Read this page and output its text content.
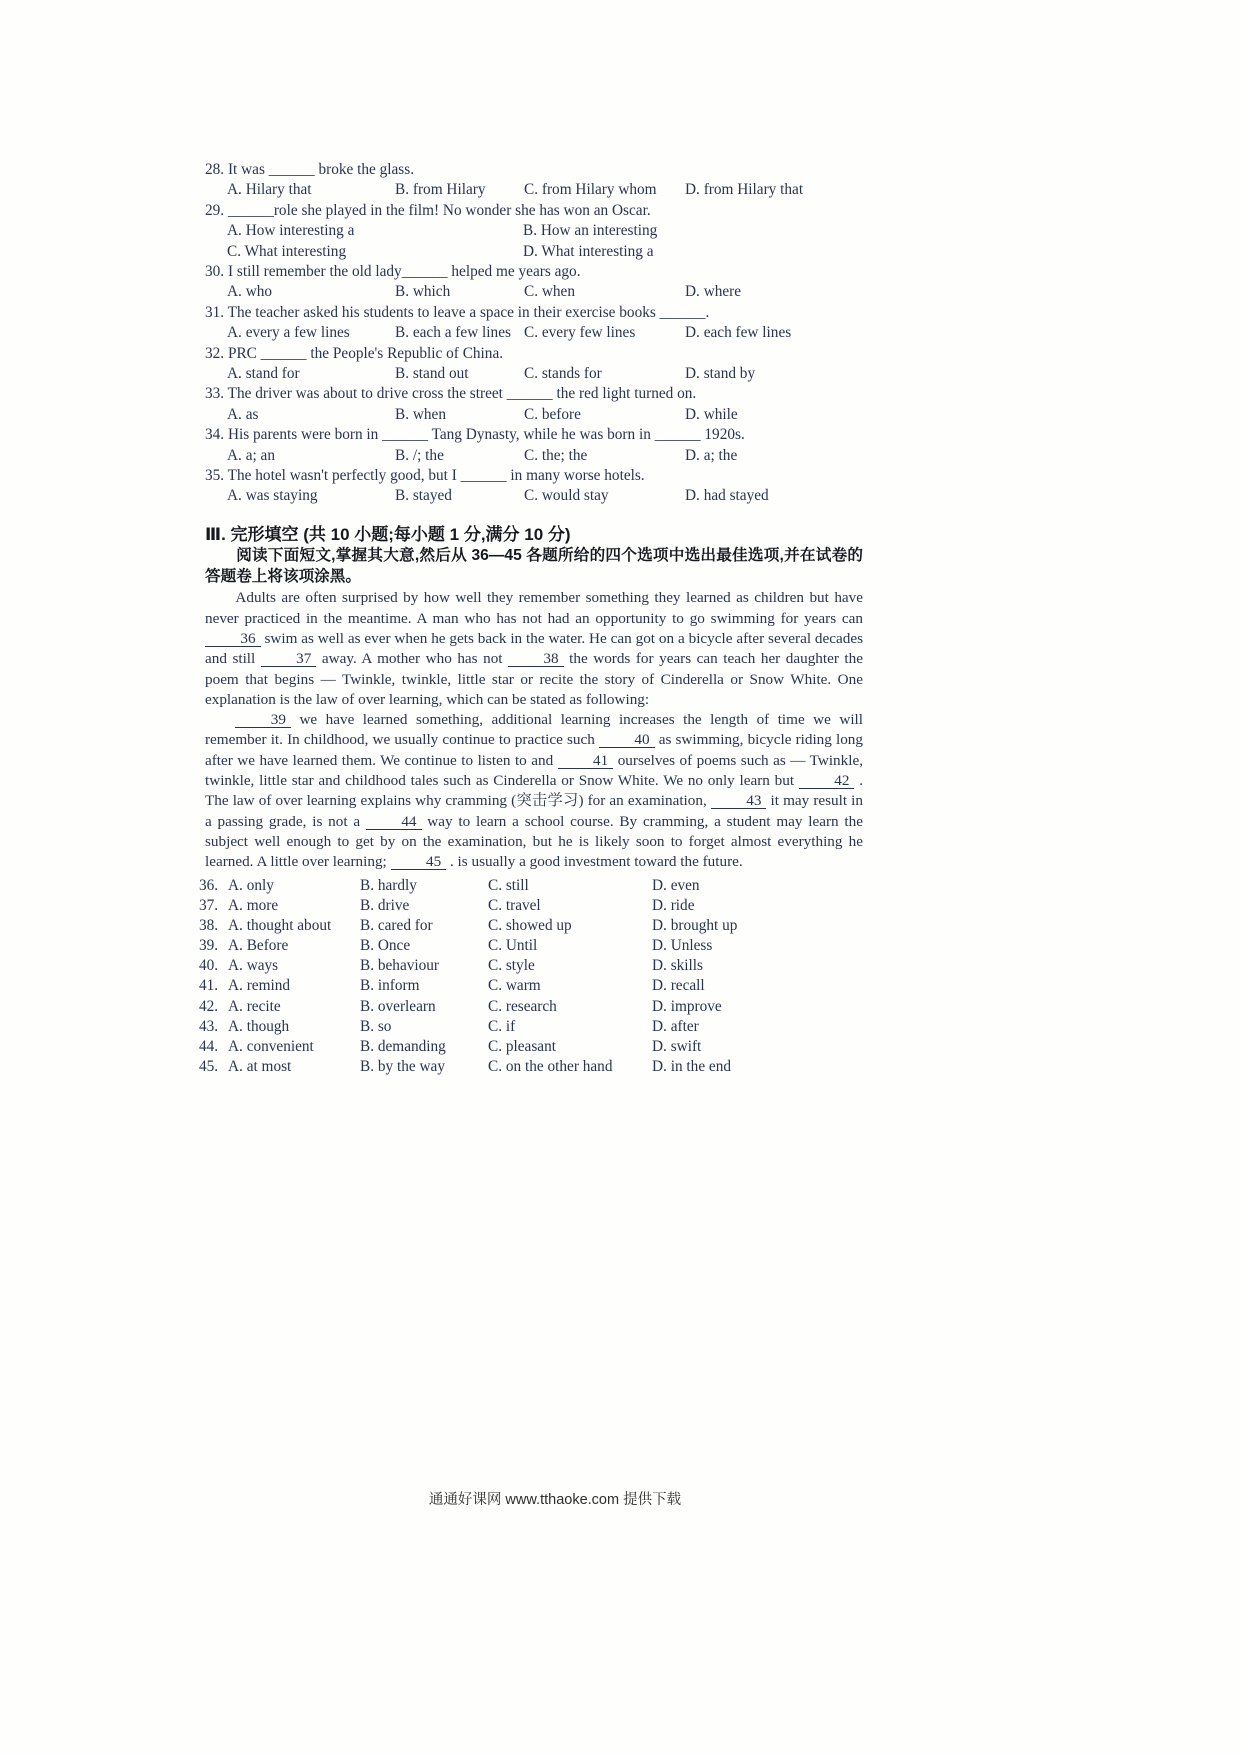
28. It was ______ broke the glass.
A. Hilary that	B. from Hilary	C. from Hilary whom D. from Hilary that
29. ______role she played in the film! No wonder she has won an Oscar.
A. How interesting a	B. How an interesting
C. What interesting	D. What interesting a
30. I still remember the old lady______ helped me years ago.
A. who	B. which	C. when	D. where
31. The teacher asked his students to leave a space in their exercise books ______.
A. every a few lines	B. each a few lines C. every few lines	D. each few lines
32. PRC ______ the People's Republic of China.
A. stand for	B. stand out	C. stands for	D. stand by
33. The driver was about to drive cross the street ______ the red light turned on.
A. as	B. when	C. before	D. while
34. His parents were born in ______ Tang Dynasty, while he was born in ______ 1920s.
A. a; an	B. /; the	C. the; the	D. a; the
35. The hotel wasn't perfectly good, but I ______ in many worse hotels.
A. was staying	B. stayed	C. would stay	D. had stayed
Ⅲ. 完形填空 (共 10 小题;每小题 1 分,满分 10 分)
阅读下面短文,掌握其大意,然后从 36—45 各题所给的四个选项中选出最佳选项,并在试卷的答题卷上将该项涂黑。

Adults are often surprised by how well they remember something they learned as children but have never practiced in the meantime. A man who has not had an opportunity to go swimming for years can 36 swim as well as ever when he gets back in the water. He can got on a bicycle after several decades and still 37 away. A mother who has not 38 the words for years can teach her daughter the poem that begins — Twinkle, twinkle, little star or recite the story of Cinderella or Snow White. One explanation is the law of over learning, which can be stated as following:

39 we have learned something, additional learning increases the length of time we will remember it. In childhood, we usually continue to practice such 40 as swimming, bicycle riding long after we have learned them. We continue to listen to and 41 ourselves of poems such as — Twinkle, twinkle, little star and childhood tales such as Cinderella or Snow White. We no only learn but 42 . The law of over learning explains why cramming (突击学习) for an examination, 43 it may result in a passing grade, is not a 44 way to learn a school course. By cramming, a student may learn the subject well enough to get by on the examination, but he is likely soon to forget almost everything he learned. A little over learning; 45 . is usually a good investment toward the future.

36. A. only	B. hardly	C. still	D. even
37. A. more	B. drive	C. travel	D. ride
38. A. thought about B. cared for	C. showed up	D. brought up
39. A. Before	B. Once	C. Until	D. Unless
40. A. ways	B. behaviour	C. style	D. skills
41. A. remind	B. inform	C. warm	D. recall
42. A. recite	B. overlearn	C. research	D. improve
43. A. though	B. so	C. if	D. after
44. A. convenient	B. demanding	C. pleasant	D. swift
45. A. at most	B. by the way	C. on the other hand	D. in the end
通通好课网 www.tthaoke.com 提供下载
